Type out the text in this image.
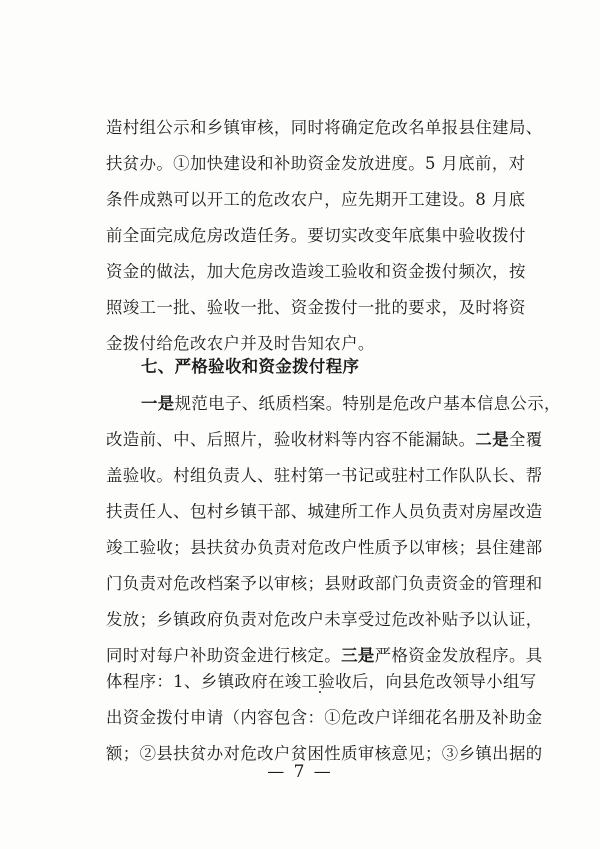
造村组公示和乡镇审核，同时将确定危改名单报县住建局、
扶贫办。①加快建设和补助资金发放进度。5 月底前，对
条件成熟可以开工的危改农户，应先期开工建设。8 月底
前全面完成危房改造任务。要切实改变年底集中验收拨付
资金的做法，加大危房改造竣工验收和资金拨付频次，按
照竣工一批、验收一批、资金拨付一批的要求，及时将资
金拨付给危改农户并及时告知农户。
七、严格验收和资金拨付程序
一是规范电子、纸质档案。特别是危改户基本信息公示，
改造前、中、后照片，验收材料等内容不能漏缺。二是全覆
盖验收。村组负责人、驻村第一书记或驻村工作队队长、帮
扶责任人、包村乡镇干部、城建所工作人员负责对房屋改造
竣工验收；县扶贫办负责对危改户性质予以审核；县住建部
门负责对危改档案予以审核；县财政部门负责资金的管理和
发放；乡镇政府负责对危改户未享受过危改补贴予以认证，
同时对每户补助资金进行核定。三是严格资金发放程序。具
体程序：1、乡镇政府在竣工验收后，向县危改领导小组写
出资金拨付申请（内容包含：①危改户详细花名册及补助金
额；②县扶贫办对危改户贫困性质审核意见；③乡镇出据的
— 7 —
